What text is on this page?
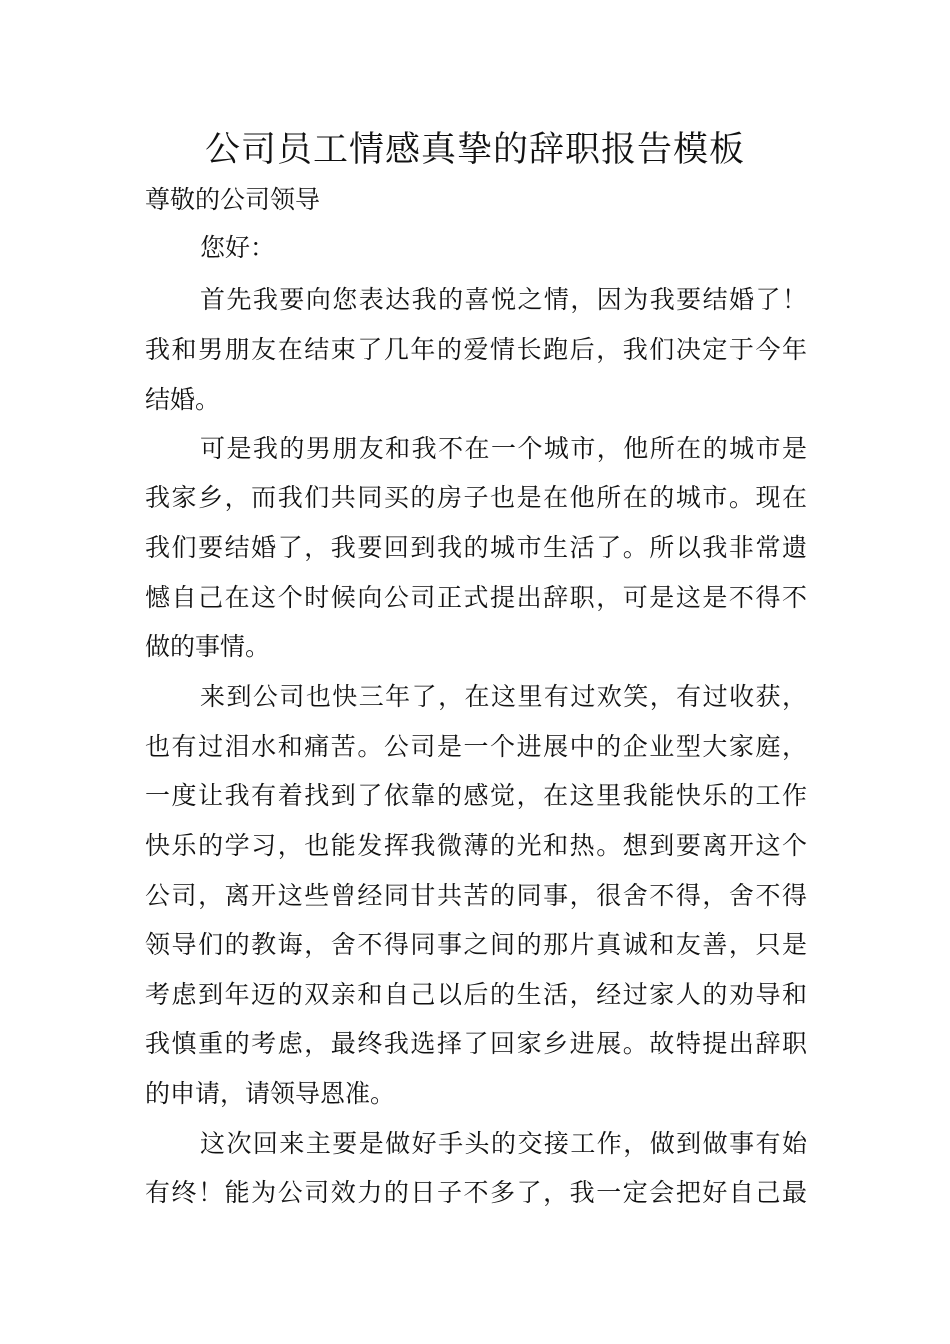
公司员工情感真挚的辞职报告模板

尊敬的公司领导

您好：

首先我要向您表达我的喜悦之情，因为我要结婚了！

我和男朋友在结束了几年的爱情长跑后，我们决定于今年

结婚。

可是我的男朋友和我不在一个城市，他所在的城市是

我家乡，而我们共同买的房子也是在他所在的城市。现在

我们要结婚了，我要回到我的城市生活了。所以我非常遗

憾自己在这个时候向公司正式提出辞职，可是这是不得不

做的事情。

来到公司也快三年了，在这里有过欢笑，有过收获，

也有过泪水和痛苦。公司是一个进展中的企业型大家庭，

一度让我有着找到了依靠的感觉，在这里我能快乐的工作

快乐的学习，也能发挥我微薄的光和热。想到要离开这个

公司，离开这些曾经同甘共苦的同事，很舍不得，舍不得

领导们的教诲，舍不得同事之间的那片真诚和友善，只是

考虑到年迈的双亲和自己以后的生活，经过家人的劝导和

我慎重的考虑，最终我选择了回家乡进展。故特提出辞职

的申请，请领导恩准。

这次回来主要是做好手头的交接工作，做到做事有始

有终！能为公司效力的日子不多了，我一定会把好自己最
